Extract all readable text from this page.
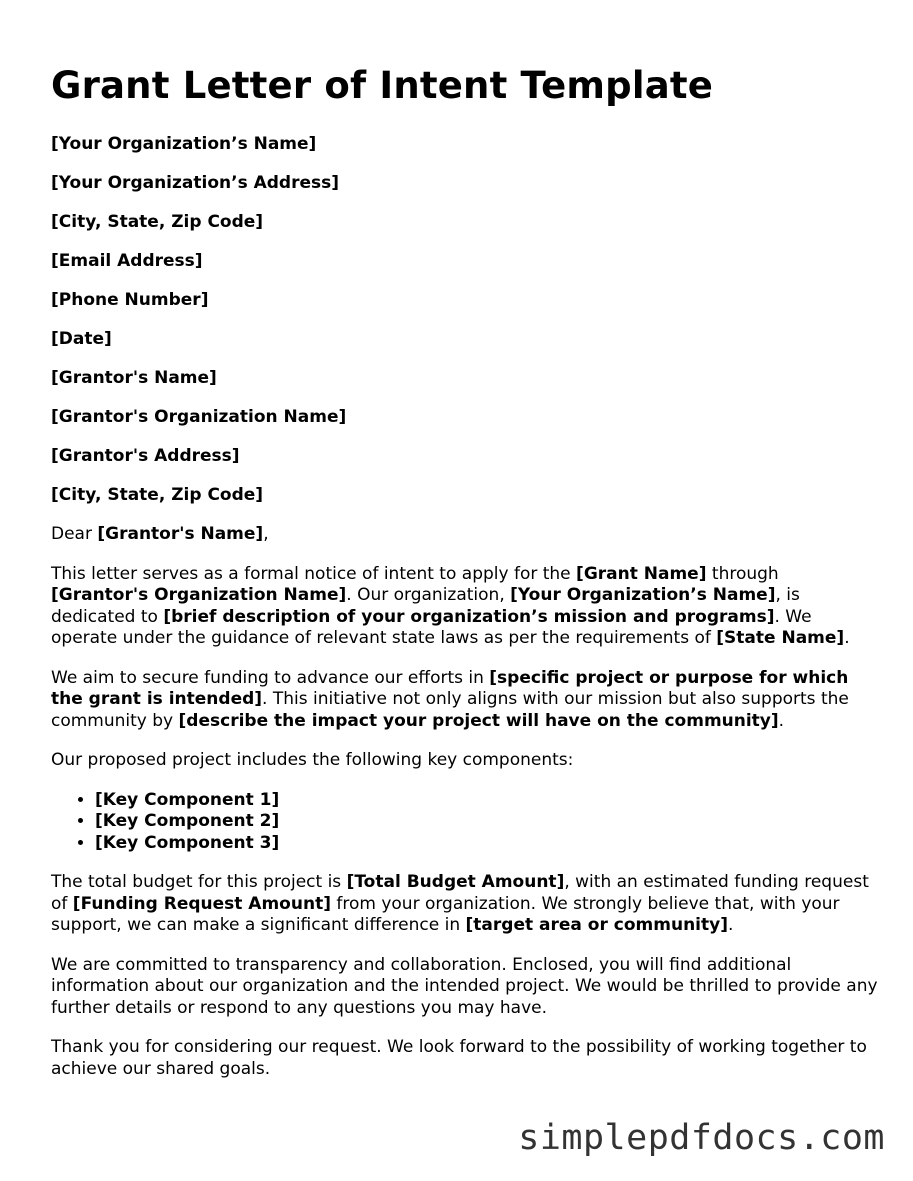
Grant Letter of Intent Template

[Your Organization’s Name]

[Your Organization’s Address]

[City, State, Zip Code]

[Email Address]

[Phone Number]

[Date]

[Grantor's Name]

[Grantor's Organization Name]

[Grantor's Address]

[City, State, Zip Code]

Dear [Grantor's Name],

This letter serves as a formal notice of intent to apply for the [Grant Name] through [Grantor's Organization Name]. Our organization, [Your Organization’s Name], is dedicated to [brief description of your organization’s mission and programs]. We operate under the guidance of relevant state laws as per the requirements of [State Name].

We aim to secure funding to advance our efforts in [specific project or purpose for which the grant is intended]. This initiative not only aligns with our mission but also supports the community by [describe the impact your project will have on the community].

Our proposed project includes the following key components:

• [Key Component 1]
• [Key Component 2]
• [Key Component 3]

The total budget for this project is [Total Budget Amount], with an estimated funding request of [Funding Request Amount] from your organization. We strongly believe that, with your support, we can make a significant difference in [target area or community].

We are committed to transparency and collaboration. Enclosed, you will find additional information about our organization and the intended project. We would be thrilled to provide any further details or respond to any questions you may have.

Thank you for considering our request. We look forward to the possibility of working together to achieve our shared goals.

simplepdfdocs.com
